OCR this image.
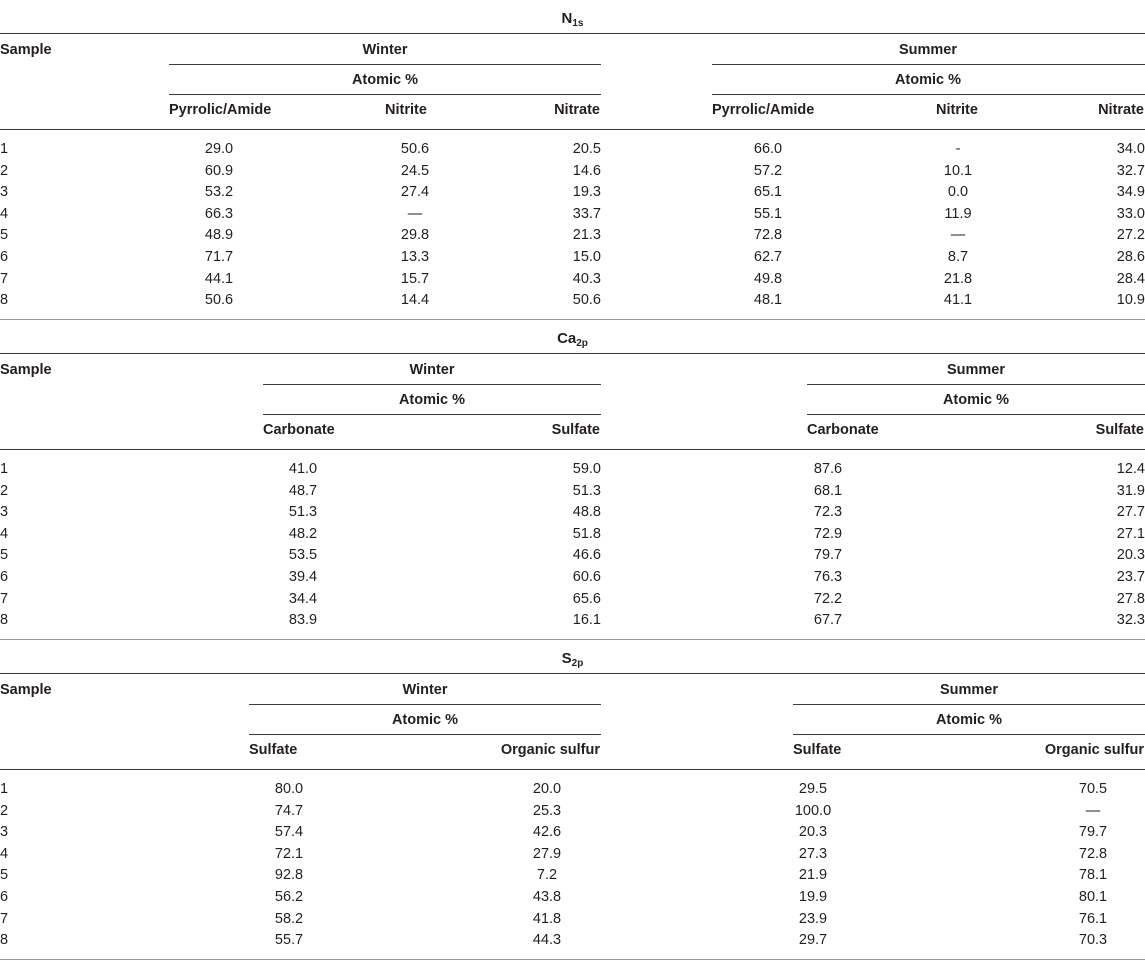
$N_{1s}$
Sample	Winter
Atomic %
Pyrrolic/Amide	Nitrite	Nitrate
Summer
Atomic %
Pyrrolic/Amide	Nitrite	Nitrate
1	29.0	50.6	20.5	66.0	-	34.0
2	60.9	24.5	14.6	57.2	10.1	32.7
3	53.2	27.4	19.3	65.1	0.0	34.9
4	66.3	—	33.7	55.1	11.9	33.0
5	48.9	29.8	21.3	72.8	—	27.2
6	71.7	13.3	15.0	62.7	8.7	28.6
7	44.1	15.7	40.3	49.8	21.8	28.4
8	50.6	14.4	50.6	48.1	41.1	10.9
$Ca_{2p}$
Sample	Winter
Atomic %
Carbonate	Sulfate
Summer
Atomic %
Carbonate	Sulfate
1	41.0	59.0	87.6	12.4
2	48.7	51.3	68.1	31.9
3	51.3	48.8	72.3	27.7
4	48.2	51.8	72.9	27.1
5	53.5	46.6	79.7	20.3
6	39.4	60.6	76.3	23.7
7	34.4	65.6	72.2	27.8
8	83.9	16.1	67.7	32.3
$S_{2p}$
Sample	Winter
Atomic %
Sulfate	Organic sulfur
Summer
Atomic %
Sulfate	Organic sulfur
1	80.0	20.0	29.5	70.5
2	74.7	25.3	100.0	—
3	57.4	42.6	20.3	79.7
4	72.1	27.9	27.3	72.8
5	92.8	7.2	21.9	78.1
6	56.2	43.8	19.9	80.1
7	58.2	41.8	23.9	76.1
8	55.7	44.3	29.7	70.3
